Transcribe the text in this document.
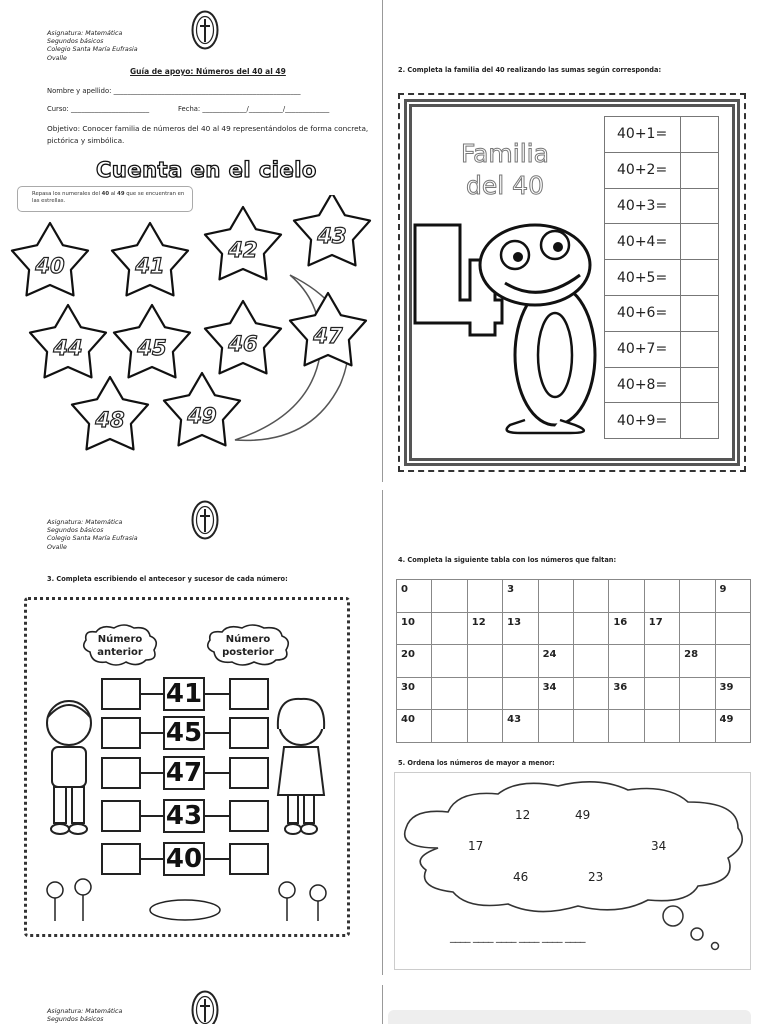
Asignatura: Matemática
Segundos básicos
Colegio Santa María Eufrasia
Ovalle
Guía de apoyo: Números del 40 al 49
Nombre y apellido: _______________________________________________________
Curso: _______________________	Fecha: _____________/__________/_____________
Objetivo: Conocer familia de números del 40 al 49 representándolos de forma concreta, pictórica y simbólica.
Cuenta en el cielo
Repasa los numerales del 40 al 49 que se encuentran en las estrellas.
40	41
42
43
44	45	46	47
48	49
2. Completa la familia del 40 realizando las sumas según corresponda:
Familia
del 40
40+1=	
40+2=	
40+3=	
40+4=	
40+5=	
40+6=	
40+7=	
40+8=	
40+9=	
Asignatura: Matemática
Segundos básicos
Colegio Santa María Eufrasia
Ovalle
3. Completa escribiendo el antecesor y sucesor de cada número:
Número
anterior
Número
posterior
41
45
47
43
40
4. Completa la siguiente tabla con los números que faltan:
0			3						9
10		12	13			16	17		
20				24				28	
30				34		36			39
40			43						49
5. Ordena los números de mayor a menor:
12	49
17	34
46	23
____ ____ ____ ____ ____ ____
Asignatura: Matemática
Segundos básicos
